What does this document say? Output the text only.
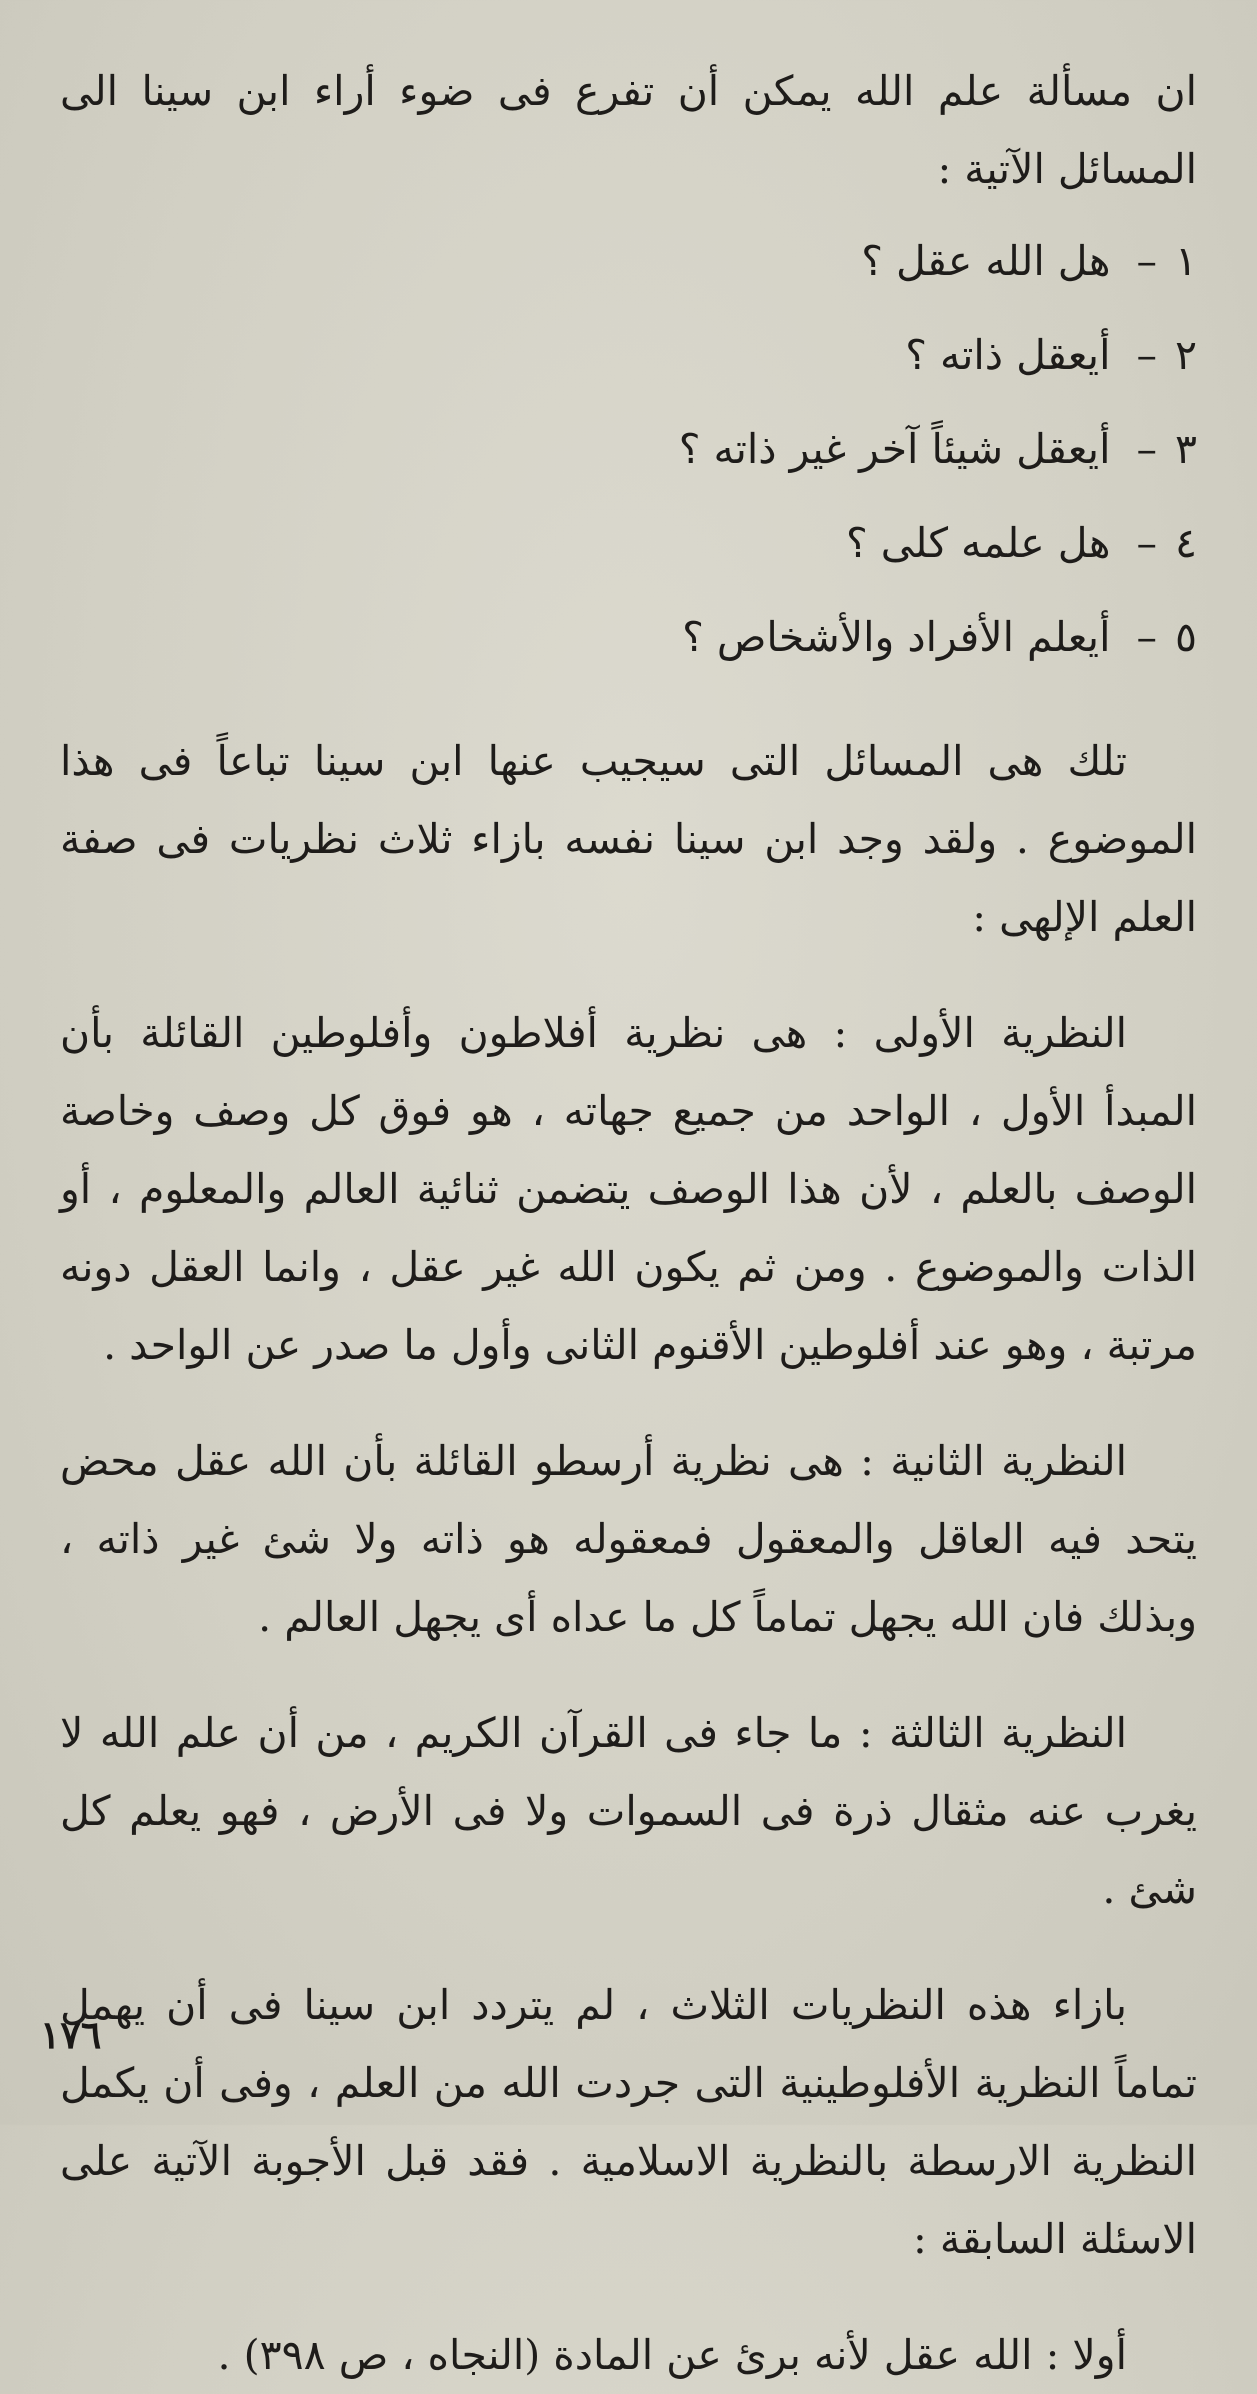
ان مسألة علم الله يمكن أن تفرع فى ضوء أراء ابن سينا الى المسائل الآتية :

١–هل الله عقل ؟
٢–أيعقل ذاته ؟
٣–أيعقل شيئاً آخر غير ذاته ؟
٤–هل علمه كلى ؟
٥–أيعلم الأفراد والأشخاص ؟

تلك هى المسائل التى سيجيب عنها ابن سينا تباعاً فى هذا الموضوع . ولقد وجد ابن سينا نفسه بازاء ثلاث نظريات فى صفة العلم الإلهى :

النظرية الأولى : هى نظرية أفلاطون وأفلوطين القائلة بأن المبدأ الأول ، الواحد من جميع جهاته ، هو فوق كل وصف وخاصة الوصف بالعلم ، لأن هذا الوصف يتضمن ثنائية العالم والمعلوم ، أو الذات والموضوع . ومن ثم يكون الله غير عقل ، وانما العقل دونه مرتبة ، وهو عند أفلوطين الأقنوم الثانى وأول ما صدر عن الواحد .

النظرية الثانية : هى نظرية أرسطو القائلة بأن الله عقل محض يتحد فيه العاقل والمعقول فمعقوله هو ذاته ولا شئ غير ذاته ، وبذلك فان الله يجهل تماماً كل ما عداه أى يجهل العالم .

النظرية الثالثة : ما جاء فى القرآن الكريم ، من أن علم الله لا يغرب عنه مثقال ذرة فى السموات ولا فى الأرض ، فهو يعلم كل شئ .

بازاء هذه النظريات الثلاث ، لم يتردد ابن سينا فى أن يهمل تماماً النظرية الأفلوطينية التى جردت الله من العلم ، وفى أن يكمل النظرية الارسطة بالنظرية الاسلامية . فقد قبل الأجوبة الآتية على الاسئلة السابقة :

أولا : الله عقل لأنه برئ عن المادة (النجاه ، ص ٣٩٨) .

١٧٦
